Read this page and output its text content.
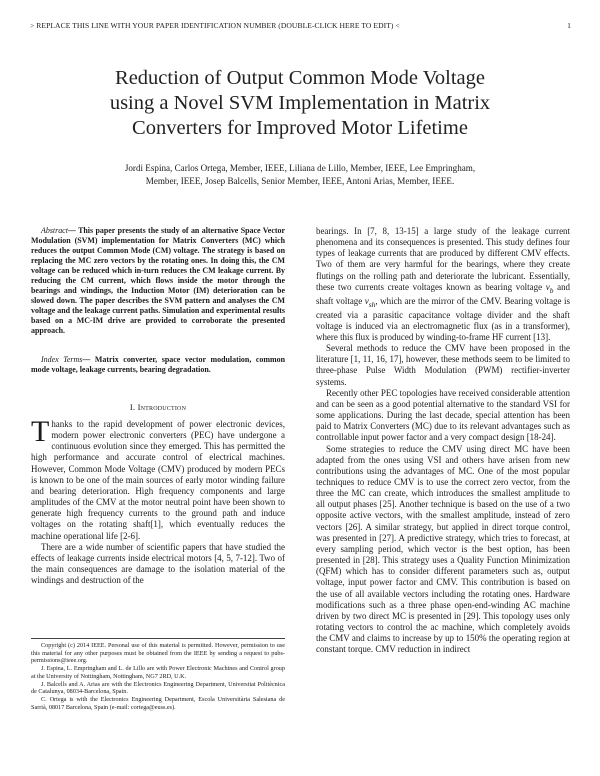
> REPLACE THIS LINE WITH YOUR PAPER IDENTIFICATION NUMBER (DOUBLE-CLICK HERE TO EDIT) <	1
Reduction of Output Common Mode Voltage
using a Novel SVM Implementation in Matrix
Converters for Improved Motor Lifetime
Jordi Espina, Carlos Ortega, Member, IEEE, Liliana de Lillo, Member, IEEE, Lee Empringham,
Member, IEEE, Josep Balcells, Senior Member, IEEE, Antoni Arias, Member, IEEE.
Abstract— This paper presents the study of an alternative Space Vector Modulation (SVM) implementation for Matrix Converters (MC) which reduces the output Common Mode (CM) voltage. The strategy is based on replacing the MC zero vectors by the rotating ones. In doing this, the CM voltage can be reduced which in-turn reduces the CM leakage current. By reducing the CM current, which flows inside the motor through the bearings and windings, the Induction Motor (IM) deterioration can be slowed down. The paper describes the SVM pattern and analyses the CM voltage and the leakage current paths. Simulation and experimental results based on a MC-IM drive are provided to corroborate the presented approach.
Index Terms— Matrix converter, space vector modulation, common mode voltage, leakage currents, bearing degradation.
I. Introduction
Thanks to the rapid development of power electronic devices, modern power electronic converters (PEC) have undergone a continuous evolution since they emerged. This has permitted the high performance and accurate control of electrical machines. However, Common Mode Voltage (CMV) produced by modern PECs is known to be one of the main sources of early motor winding failure and bearing deterioration. High frequency components and large amplitudes of the CMV at the motor neutral point have been shown to generate high frequency currents to the ground path and induce voltages on the rotating shaft[1], which eventually reduces the machine operational life [2-6].
There are a wide number of scientific papers that have studied the effects of leakage currents inside electrical motors [4, 5, 7-12]. Two of the main consequences are damage to the isolation material of the windings and destruction of the

Copyright (c) 2014 IEEE. Personal use of this material is permitted. However, permission to use this material for any other purposes must be obtained from the IEEE by sending a request to pubs-permissions@ieee.org.

J. Espina, L. Empringham and L. de Lillo are with Power Electronic Machines and Control group at the University of Nottingham, Nottingham, NG7 2RD, U.K.

J. Balcells and A. Arias are with the Electronics Engineering Department, Universitat Politècnica de Catalunya, 08034-Barcelona, Spain.

C. Ortega is with the Electronics Engineering Department, Escola Universitària Salesiana de Sarrià, 08017 Barcelona, Spain (e-mail: cortega@euss.es).

bearings. In [7, 8, 13-15] a large study of the leakage current phenomena and its consequences is presented. This study defines four types of leakage currents that are produced by different CMV effects. Two of them are very harmful for the bearings, where they create flutings on the rolling path and deteriorate the lubricant. Essentially, these two currents create voltages known as bearing voltage $v_b$ and shaft voltage $v_{sh}$, which are the mirror of the CMV. Bearing voltage is created via a parasitic capacitance voltage divider and the shaft voltage is induced via an electromagnetic flux (as in a transformer), where this flux is produced by winding-to-frame HF current [13].

Several methods to reduce the CMV have been proposed in the literature [1, 11, 16, 17], however, these methods seem to be limited to three-phase Pulse Width Modulation (PWM) rectifier-inverter systems.

Recently other PEC topologies have received considerable attention and can be seen as a good potential alternative to the standard VSI for some applications. During the last decade, special attention has been paid to Matrix Converters (MC) due to its relevant advantages such as controllable input power factor and a very compact design [18-24].

Some strategies to reduce the CMV using direct MC have been adapted from the ones using VSI and others have arisen from new contributions using the advantages of MC. One of the most popular techniques to reduce CMV is to use the correct zero vector, from the three the MC can create, which introduces the smallest amplitude to all output phases [25]. Another technique is based on the use of a two opposite active vectors, with the smallest amplitude, instead of zero vectors [26]. A similar strategy, but applied in direct torque control, was presented in [27]. A predictive strategy, which tries to forecast, at every sampling period, which vector is the best option, has been presented in [28]. This strategy uses a Quality Function Minimization (QFM) which has to consider different parameters such as, output voltage, input power factor and CMV. This contribution is based on the use of all available vectors including the rotating ones. Hardware modifications such as a three phase open-end-winding AC machine driven by two direct MC is presented in [29]. This topology uses only rotating vectors to control the ac machine, which completely avoids the CMV and claims to increase by up to 150% the operating region at constant torque. CMV reduction in indirect
